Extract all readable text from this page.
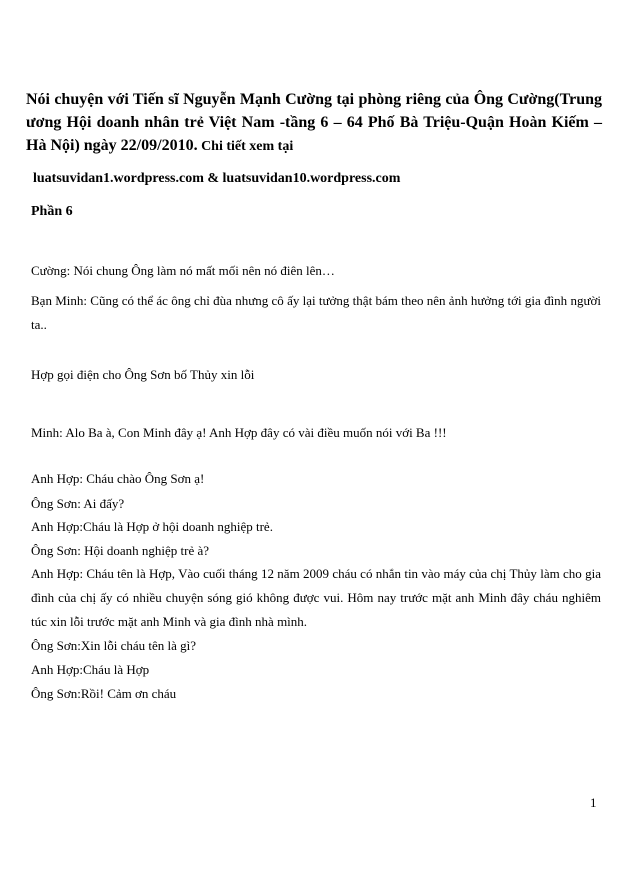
Nói chuyện với Tiến sĩ Nguyễn Mạnh Cường tại phòng riêng của Ông Cường(Trung ương Hội doanh nhân trẻ Việt Nam -tầng 6 – 64 Phố Bà Triệu-Quận Hoàn Kiếm – Hà Nội) ngày 22/09/2010. Chi tiết xem tại
luatsuvidan1.wordpress.com & luatsuvidan10.wordpress.com
Phần 6
Cường: Nói chung Ông làm nó mất mối nên nó điên lên…
Bạn Minh: Cũng có thể ác ông chỉ đùa nhưng cô ấy lại tưởng thật bám theo nên ảnh hưởng tới gia đình người ta..
Hợp gọi điện cho Ông Sơn bố Thủy xin lỗi
Minh: Alo Ba à, Con Minh đây ạ! Anh Hợp đây có vài điều muốn nói với Ba !!!
Anh Hợp: Cháu chào Ông Sơn ạ!
Ông Sơn: Ai đấy?
Anh Hợp:Cháu là Hợp ở hội doanh nghiệp trẻ.
Ông Sơn: Hội doanh nghiệp trẻ à?
Anh Hợp: Cháu tên là Hợp, Vào cuối tháng 12 năm 2009 cháu có nhắn tin vào máy của chị Thủy làm cho gia đình của chị ấy có nhiều chuyện sóng gió không được vui. Hôm nay trước mặt anh Minh đây cháu nghiêm túc xin lỗi trước mặt anh Minh và gia đình nhà mình.
Ông Sơn:Xin lỗi cháu tên là gì?
Anh Hợp:Cháu là Hợp
Ông Sơn:Rồi! Cảm ơn cháu
1
